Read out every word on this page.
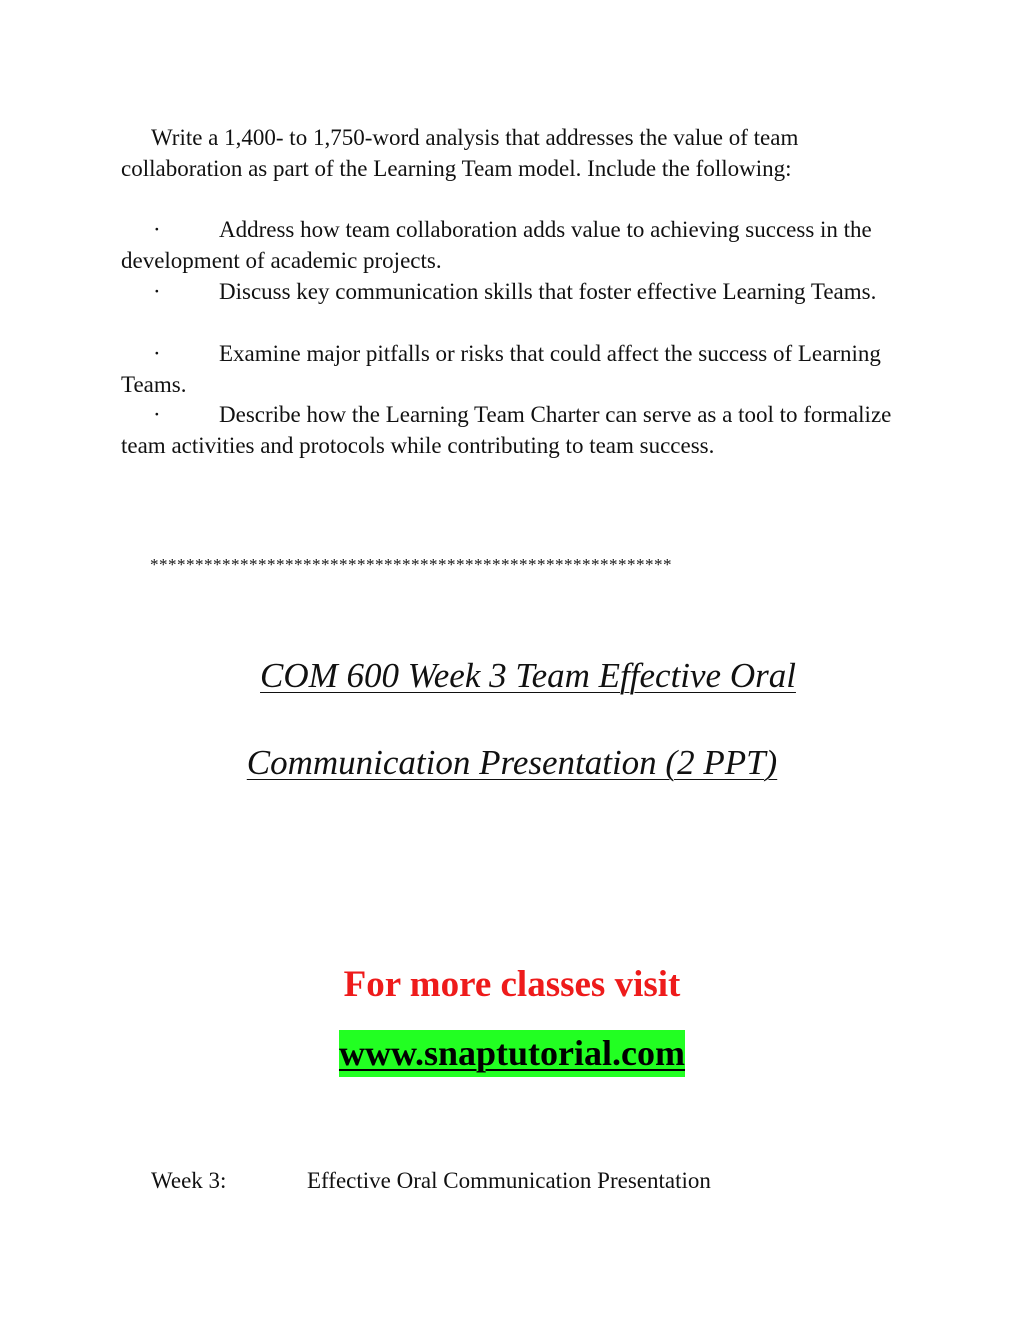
Write a 1,400- to 1,750-word analysis that addresses the value of team collaboration as part of the Learning Team model. Include the following:

·	Address how team collaboration adds value to achieving success in the development of academic projects.

·	Discuss key communication skills that foster effective Learning Teams.

·	Examine major pitfalls or risks that could affect the success of Learning Teams.

·	Describe how the Learning Team Charter can serve as a tool to formalize team activities and protocols while contributing to team success.

**********************************************************

COM 600 Week 3 Team Effective Oral

Communication Presentation (2 PPT)

For more classes visit

www.snaptutorial.com

Week 3:	Effective Oral Communication Presentation
